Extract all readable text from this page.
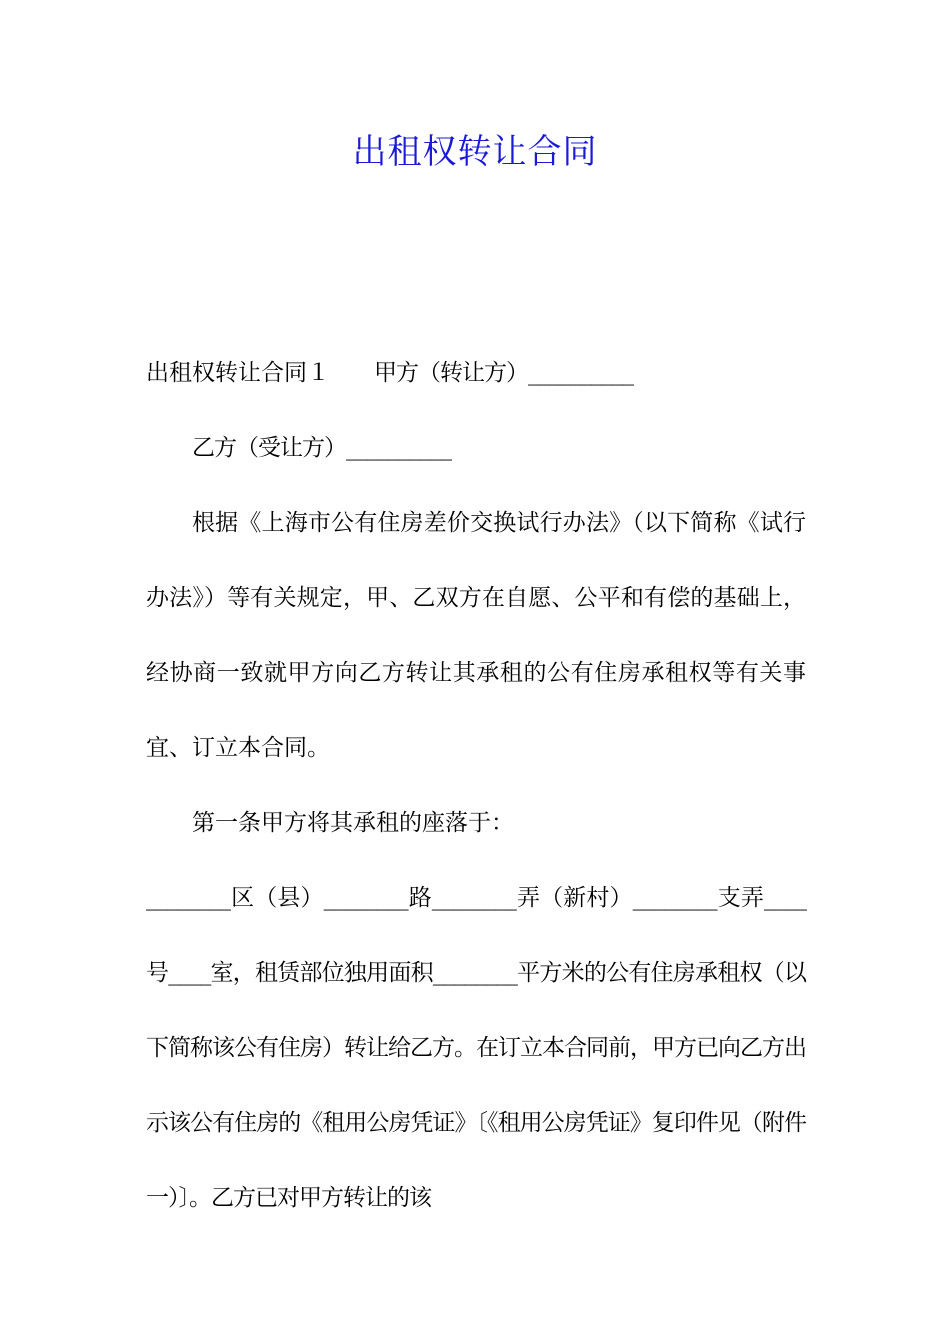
出租权转让合同

出租权转让合同１ 甲方（转让方）__________

乙方（受让方）__________

根据《上海市公有住房差价交换试行办法》（以下简称《试行办法》）等有关规定，甲、乙双方在自愿、公平和有偿的基础上，经协商一致就甲方向乙方转让其承租的公有住房承租权等有关事宜、订立本合同。

第一条甲方将其承租的座落于：

________区（县）________路________弄（新村）________支弄____号____室，租赁部位独用面积________平方米的公有住房承租权（以下简称该公有住房）转让给乙方。在订立本合同前，甲方已向乙方出示该公有住房的《租用公房凭证》〔《租用公房凭证》复印件见（附件一）〕。乙方已对甲方转让的该
